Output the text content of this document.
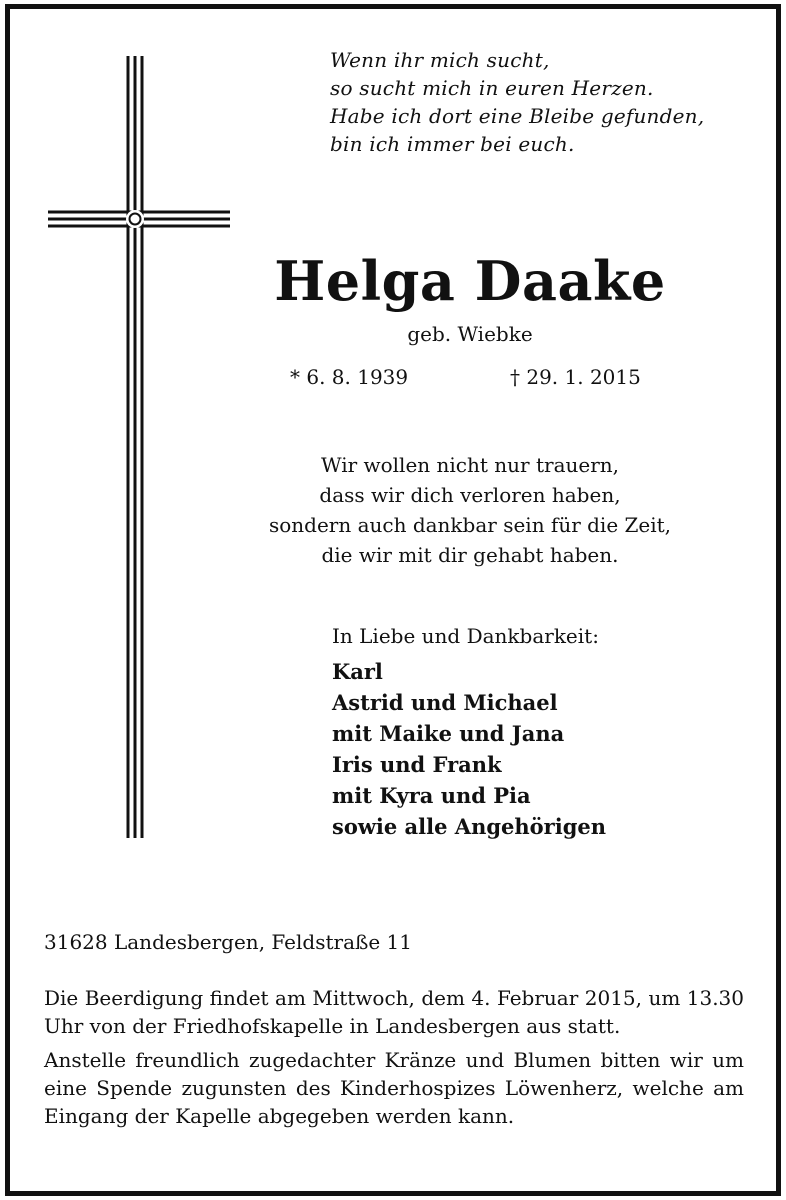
Wenn ihr mich sucht,
so sucht mich in euren Herzen.
Habe ich dort eine Bleibe gefunden,
bin ich immer bei euch.
Helga Daake
geb. Wiebke
* 6. 8. 1939	† 29. 1. 2015
Wir wollen nicht nur trauern,
dass wir dich verloren haben,
sondern auch dankbar sein für die Zeit,
die wir mit dir gehabt haben.
In Liebe und Dankbarkeit:
Karl
Astrid und Michael
mit Maike und Jana
Iris und Frank
mit Kyra und Pia
sowie alle Angehörigen
31628 Landesbergen, Feldstraße 11
Die Beerdigung findet am Mittwoch, dem 4. Februar 2015, um 13.30 Uhr von der Friedhofskapelle in Landesbergen aus statt.
Anstelle freundlich zugedachter Kränze und Blumen bitten wir um eine Spende zugunsten des Kinderhospizes Löwenherz, welche am Eingang der Kapelle abgegeben werden kann.
